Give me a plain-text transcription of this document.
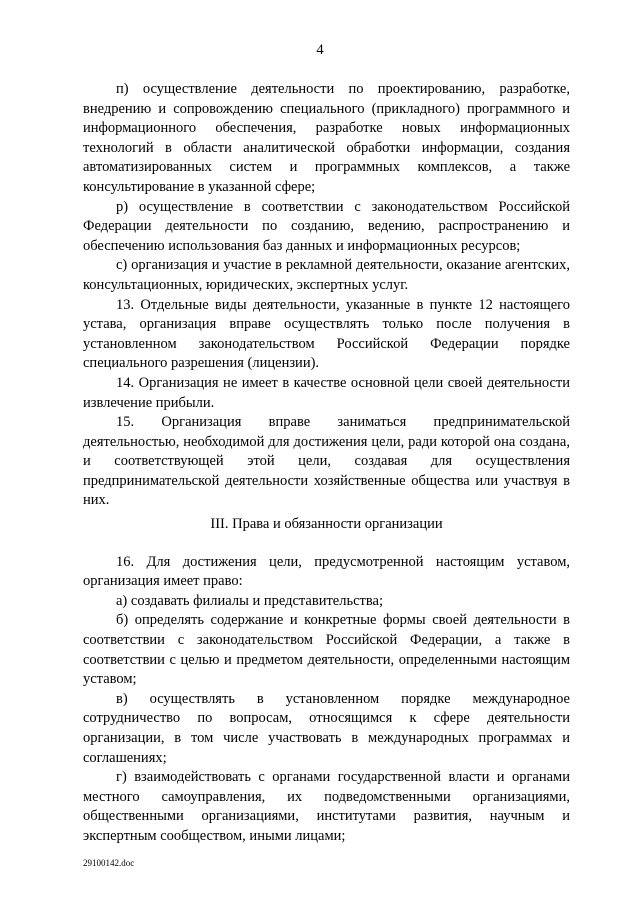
4

п) осуществление деятельности по проектированию, разработке, внедрению и сопровождению специального (прикладного) программного и информационного обеспечения, разработке новых информационных технологий в области аналитической обработки информации, создания автоматизированных систем и программных комплексов, а также консультирование в указанной сфере;

р) осуществление в соответствии с законодательством Российской Федерации деятельности по созданию, ведению, распространению и обеспечению использования баз данных и информационных ресурсов;

с) организация и участие в рекламной деятельности, оказание агентских, консультационных, юридических, экспертных услуг.

13. Отдельные виды деятельности, указанные в пункте 12 настоящего устава, организация вправе осуществлять только после получения в установленном законодательством Российской Федерации порядке специального разрешения (лицензии).

14. Организация не имеет в качестве основной цели своей деятельности извлечение прибыли.

15. Организация вправе заниматься предпринимательской деятельностью, необходимой для достижения цели, ради которой она создана, и соответствующей этой цели, создавая для осуществления предпринимательской деятельности хозяйственные общества или участвуя в них.

III. Права и обязанности организации

16. Для достижения цели, предусмотренной настоящим уставом, организация имеет право:

а) создавать филиалы и представительства;

б) определять содержание и конкретные формы своей деятельности в соответствии с законодательством Российской Федерации, а также в соответствии с целью и предметом деятельности, определенными настоящим уставом;

в) осуществлять в установленном порядке международное сотрудничество по вопросам, относящимся к сфере деятельности организации, в том числе участвовать в международных программах и соглашениях;

г) взаимодействовать с органами государственной власти и органами местного самоуправления, их подведомственными организациями, общественными организациями, институтами развития, научным и экспертным сообществом, иными лицами;

29100142.doc
